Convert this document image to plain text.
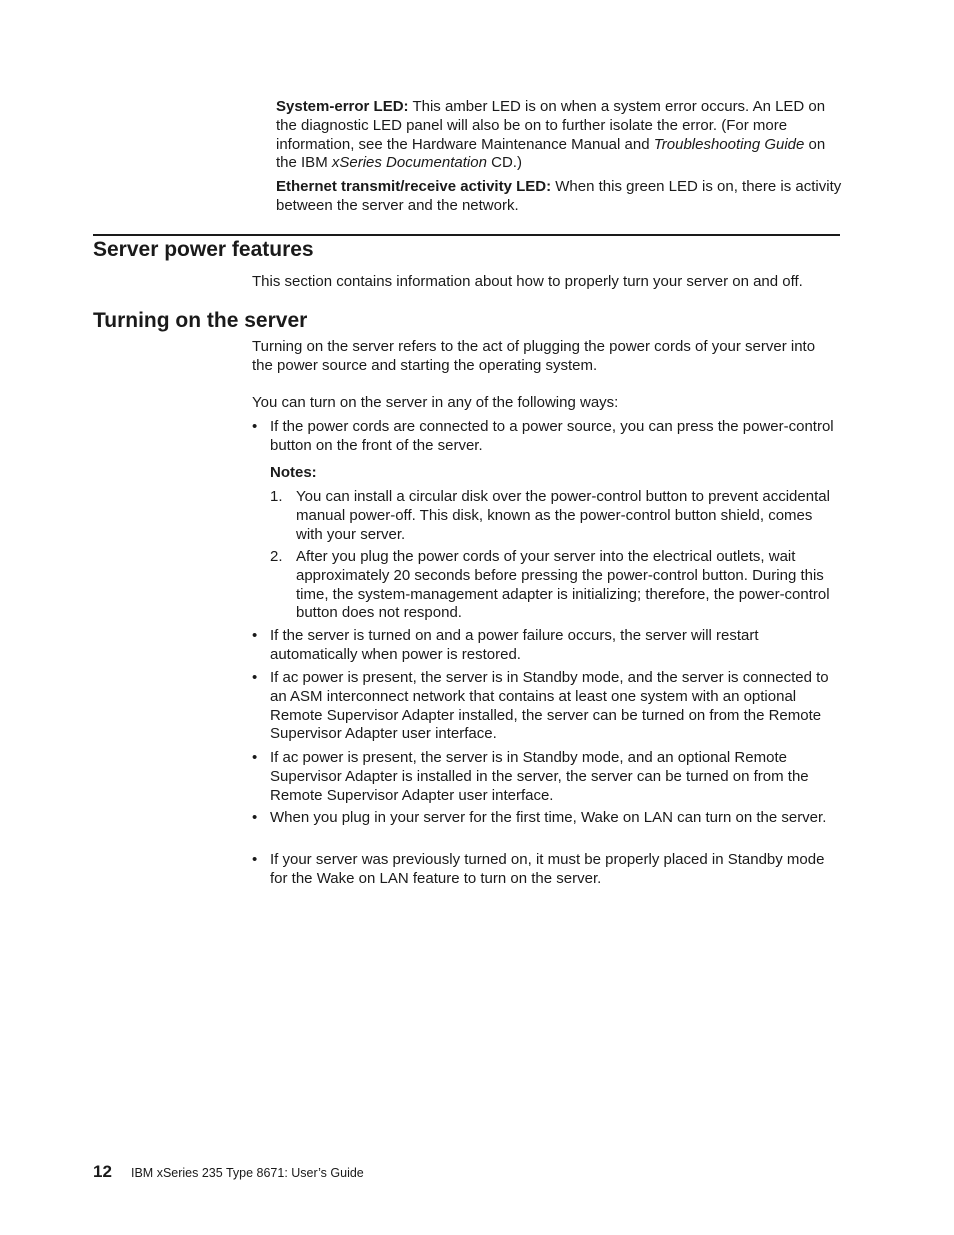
System-error LED: This amber LED is on when a system error occurs. An LED on the diagnostic LED panel will also be on to further isolate the error. (For more information, see the Hardware Maintenance Manual and Troubleshooting Guide on the IBM xSeries Documentation CD.)
Ethernet transmit/receive activity LED: When this green LED is on, there is activity between the server and the network.
Server power features

This section contains information about how to properly turn your server on and off.

Turning on the server

Turning on the server refers to the act of plugging the power cords of your server into the power source and starting the operating system.

You can turn on the server in any of the following ways:

• If the power cords are connected to a power source, you can press the power-control button on the front of the server.
Notes:
1. You can install a circular disk over the power-control button to prevent accidental manual power-off. This disk, known as the power-control button shield, comes with your server.
2. After you plug the power cords of your server into the electrical outlets, wait approximately 20 seconds before pressing the power-control button. During this time, the system-management adapter is initializing; therefore, the power-control button does not respond.
• If the server is turned on and a power failure occurs, the server will restart automatically when power is restored.
• If ac power is present, the server is in Standby mode, and the server is connected to an ASM interconnect network that contains at least one system with an optional Remote Supervisor Adapter installed, the server can be turned on from the Remote Supervisor Adapter user interface.
• If ac power is present, the server is in Standby mode, and an optional Remote Supervisor Adapter is installed in the server, the server can be turned on from the Remote Supervisor Adapter user interface.
• When you plug in your server for the first time, Wake on LAN can turn on the server.
• If your server was previously turned on, it must be properly placed in Standby mode for the Wake on LAN feature to turn on the server.
12 IBM xSeries 235 Type 8671: User’s Guide
